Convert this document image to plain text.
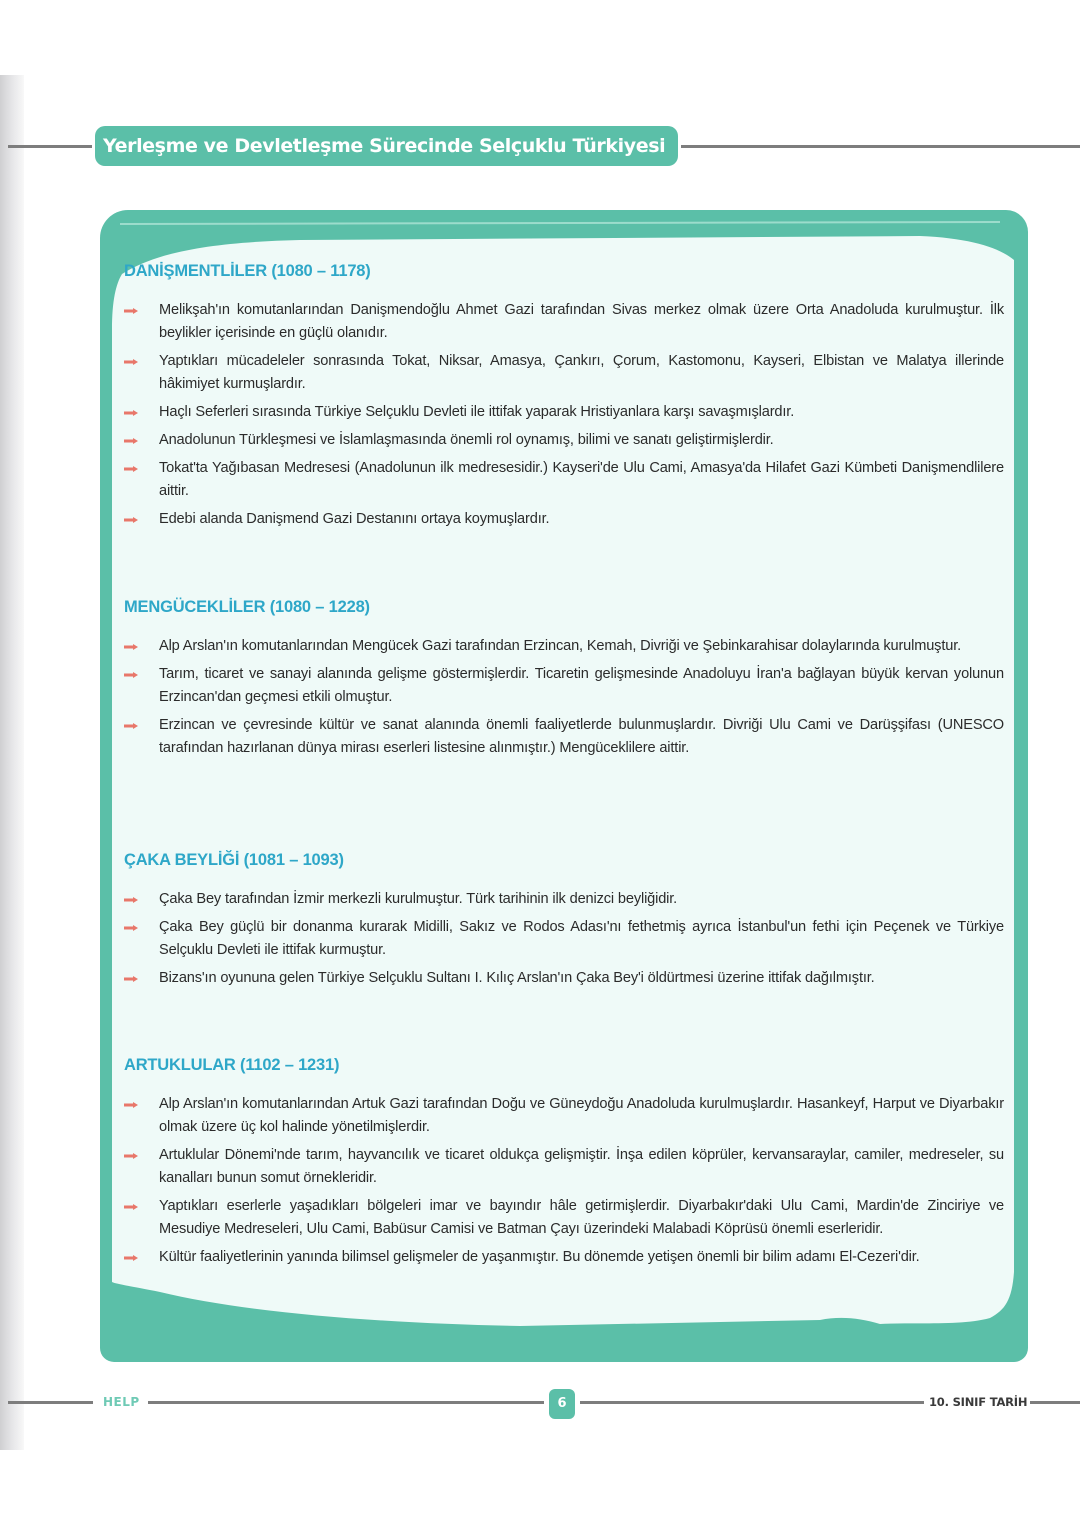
Yerleşme ve Devletleşme Sürecinde Selçuklu Türkiyesi
DANİŞMENTLİLER (1080 – 1178)
Melikşah'ın komutanlarından Danişmendoğlu Ahmet Gazi tarafından Sivas merkez olmak üzere Orta Anadoluda kurulmuştur. İlk beylikler içerisinde en güçlü olanıdır.
Yaptıkları mücadeleler sonrasında Tokat, Niksar, Amasya, Çankırı, Çorum, Kastomonu, Kayseri, Elbistan ve Malatya illerinde hâkimiyet kurmuşlardır.
Haçlı Seferleri sırasında Türkiye Selçuklu Devleti ile ittifak yaparak Hristiyanlara karşı savaşmışlardır.
Anadolunun Türkleşmesi ve İslamlaşmasında önemli rol oynamış, bilimi ve sanatı geliştirmişlerdir.
Tokat'ta Yağıbasan Medresesi (Anadolunun ilk medresesidir.) Kayseri'de Ulu Cami, Amasya'da Hilafet Gazi Kümbeti Danişmendlilere aittir.
Edebi alanda Danişmend Gazi Destanını ortaya koymuşlardır.
MENGÜCEKLİLER (1080 – 1228)
Alp Arslan'ın komutanlarından Mengücek Gazi tarafından Erzincan, Kemah, Divriği ve Şebinkarahisar dolaylarında kurulmuştur.
Tarım, ticaret ve sanayi alanında gelişme göstermişlerdir. Ticaretin gelişmesinde Anadoluyu İran'a bağlayan büyük kervan yolunun Erzincan'dan geçmesi etkili olmuştur.
Erzincan ve çevresinde kültür ve sanat alanında önemli faaliyetlerde bulunmuşlardır. Divriği Ulu Cami ve Darüşşifası (UNESCO tarafından hazırlanan dünya mirası eserleri listesine alınmıştır.) Mengüceklilere aittir.
ÇAKA BEYLİĞİ (1081 – 1093)
Çaka Bey tarafından İzmir merkezli kurulmuştur. Türk tarihinin ilk denizci beyliğidir.
Çaka Bey güçlü bir donanma kurarak Midilli, Sakız ve Rodos Adası'nı fethetmiş ayrıca İstanbul'un fethi için Peçenek ve Türkiye Selçuklu Devleti ile ittifak kurmuştur.
Bizans'ın oyununa gelen Türkiye Selçuklu Sultanı I. Kılıç Arslan'ın Çaka Bey'i öldürtmesi üzerine ittifak dağılmıştır.
ARTUKLULAR (1102 – 1231)
Alp Arslan'ın komutanlarından Artuk Gazi tarafından Doğu ve Güneydoğu Anadoluda kurulmuşlardır. Hasankeyf, Harput ve Diyarbakır olmak üzere üç kol halinde yönetilmişlerdir.
Artuklular Dönemi'nde tarım, hayvancılık ve ticaret oldukça gelişmiştir. İnşa edilen köprüler, kervansaraylar, camiler, medreseler, su kanalları bunun somut örnekleridir.
Yaptıkları eserlerle yaşadıkları bölgeleri imar ve bayındır hâle getirmişlerdir. Diyarbakır'daki Ulu Cami, Mardin'de Zinciriye ve Mesudiye Medreseleri, Ulu Cami, Babüsur Camisi ve Batman Çayı üzerindeki Malabadi Köprüsü önemli eserleridir.
Kültür faaliyetlerinin yanında bilimsel gelişmeler de yaşanmıştır. Bu dönemde yetişen önemli bir bilim adamı El-Cezeri'dir.
HELP	6	10. SINIF TARİH
